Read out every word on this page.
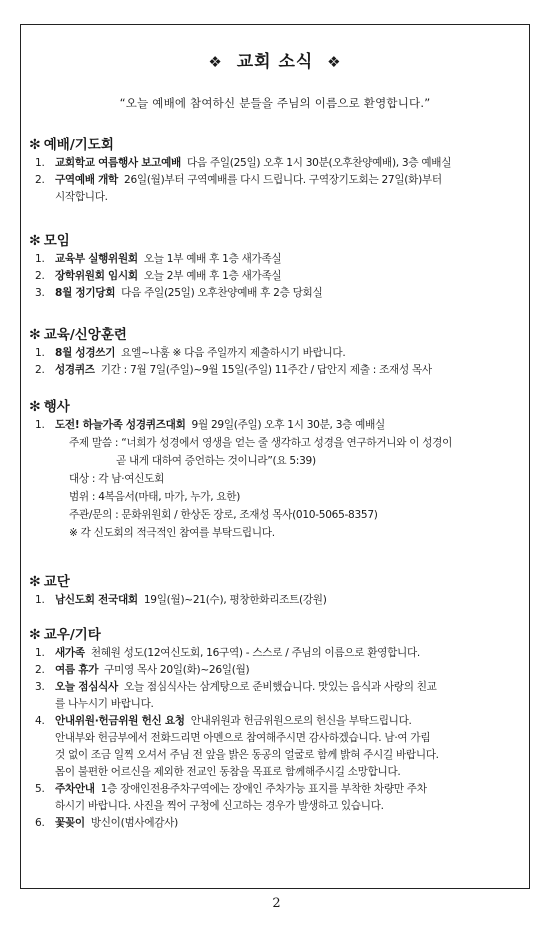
❖ 교회 소식 ❖
“오늘 예배에 참여하신 분들을 주님의 이름으로 환영합니다.”
✻ 예배/기도회
1. 교회학교 여름행사 보고예배 다음 주일(25일) 오후 1시 30분(오후찬양예배), 3층 예배실
2. 구역예배 개학 26일(월)부터 구역예배를 다시 드립니다. 구역장기도회는 27일(화)부터
시작합니다.
✻ 모임
1. 교육부 실행위원회 오늘 1부 예배 후 1층 새가족실
2. 장학위원회 임시회 오늘 2부 예배 후 1층 새가족실
3. 8월 정기당회 다음 주일(25일) 오후찬양예배 후 2층 당회실
✻ 교육/신앙훈련
1. 8월 성경쓰기 요엘~나훔 ※ 다음 주일까지 제출하시기 바랍니다.
2. 성경퀴즈 기간 : 7월 7일(주일)~9월 15일(주일) 11주간 / 답안지 제출 : 조재성 목사
✻ 행사
1. 도전! 하늘가족 성경퀴즈대회 9월 29일(주일) 오후 1시 30분, 3층 예배실
주제 말씀 : “너희가 성경에서 영생을 얻는 줄 생각하고 성경을 연구하거니와 이 성경이
곧 내게 대하여 증언하는 것이니라”(요 5:39)
대상 : 각 남·여신도회
범위 : 4복음서(마태, 마가, 누가, 요한)
주관/문의 : 문화위원회 / 한상돈 장로, 조재성 목사(010-5065-8357)
※ 각 신도회의 적극적인 참여를 부탁드립니다.
✻ 교단
1. 남신도회 전국대회 19일(월)~21(수), 평창한화리조트(강원)
✻ 교우/기타
1. 새가족 천혜원 성도(12여신도회, 16구역) - 스스로 / 주님의 이름으로 환영합니다.
2. 여름 휴가 구미영 목사 20일(화)~26일(월)
3. 오늘 점심식사 오늘 점심식사는 삼계탕으로 준비했습니다. 맛있는 음식과 사랑의 친교
를 나누시기 바랍니다.
4. 안내위원·헌금위원 헌신 요청 안내위원과 헌금위원으로의 헌신을 부탁드립니다.
안내부와 헌금부에서 전화드리면 아멘으로 참여해주시면 감사하겠습니다. 남·여 가림
것 없이 조금 일찍 오셔서 주님 전 앞을 밝은 동공의 얼굴로 함께 밝혀 주시길 바랍니다.
몸이 불편한 어르신을 제외한 전교인 동참을 목표로 함께해주시길 소망합니다.
5. 주차안내 1층 장애인전용주차구역에는 장애인 주차가능 표지를 부착한 차량만 주차
하시기 바랍니다. 사진을 찍어 구청에 신고하는 경우가 발생하고 있습니다.
6. 꽃꽂이 방신이(범사에감사)
2
